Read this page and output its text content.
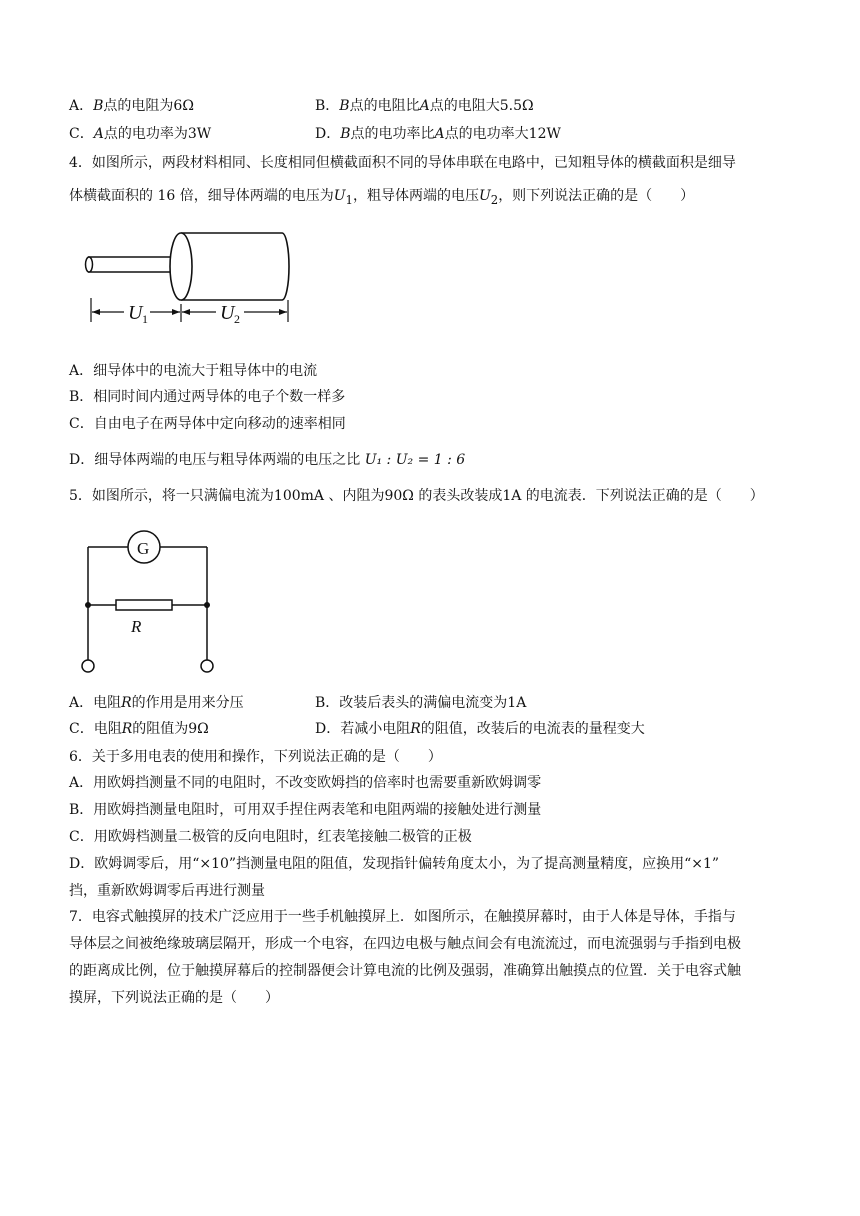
A．B点的电阻为6Ω	B．B点的电阻比A点的电阻大5.5Ω
C．A点的电功率为3W	D．B点的电功率比A点的电功率大12W
4．如图所示，两段材料相同、长度相同但横截面积不同的导体串联在电路中，已知粗导体的横截面积是细导
体横截面积的 16 倍，细导体两端的电压为$U_1$，粗导体两端的电压$U_2$，则下列说法正确的是（　　）
U 1	U 2
A．细导体中的电流大于粗导体中的电流
B．相同时间内通过两导体的电子个数一样多
C．自由电子在两导体中定向移动的速率相同
D．细导体两端的电压与粗导体两端的电压之比 U₁ : U₂ = 1 : 6
5．如图所示，将一只满偏电流为100mA 、内阻为90Ω 的表头改装成1A 的电流表．下列说法正确的是（　　）
G
R
A．电阻R的作用是用来分压	B．改装后表头的满偏电流变为1A
C．电阻R的阻值为9Ω	D．若减小电阻R的阻值，改装后的电流表的量程变大
6．关于多用电表的使用和操作，下列说法正确的是（　　）
A．用欧姆挡测量不同的电阻时，不改变欧姆挡的倍率时也需要重新欧姆调零
B．用欧姆挡测量电阻时，可用双手捏住两表笔和电阻两端的接触处进行测量
C．用欧姆档测量二极管的反向电阻时，红表笔接触二极管的正极
D．欧姆调零后，用“×10”挡测量电阻的阻值，发现指针偏转角度太小，为了提高测量精度，应换用“×1”
挡，重新欧姆调零后再进行测量
7．电容式触摸屏的技术广泛应用于一些手机触摸屏上．如图所示，在触摸屏幕时，由于人体是导体，手指与
导体层之间被绝缘玻璃层隔开，形成一个电容，在四边电极与触点间会有电流流过，而电流强弱与手指到电极
的距离成比例，位于触摸屏幕后的控制器便会计算电流的比例及强弱，准确算出触摸点的位置．关于电容式触
摸屏，下列说法正确的是（　　）
